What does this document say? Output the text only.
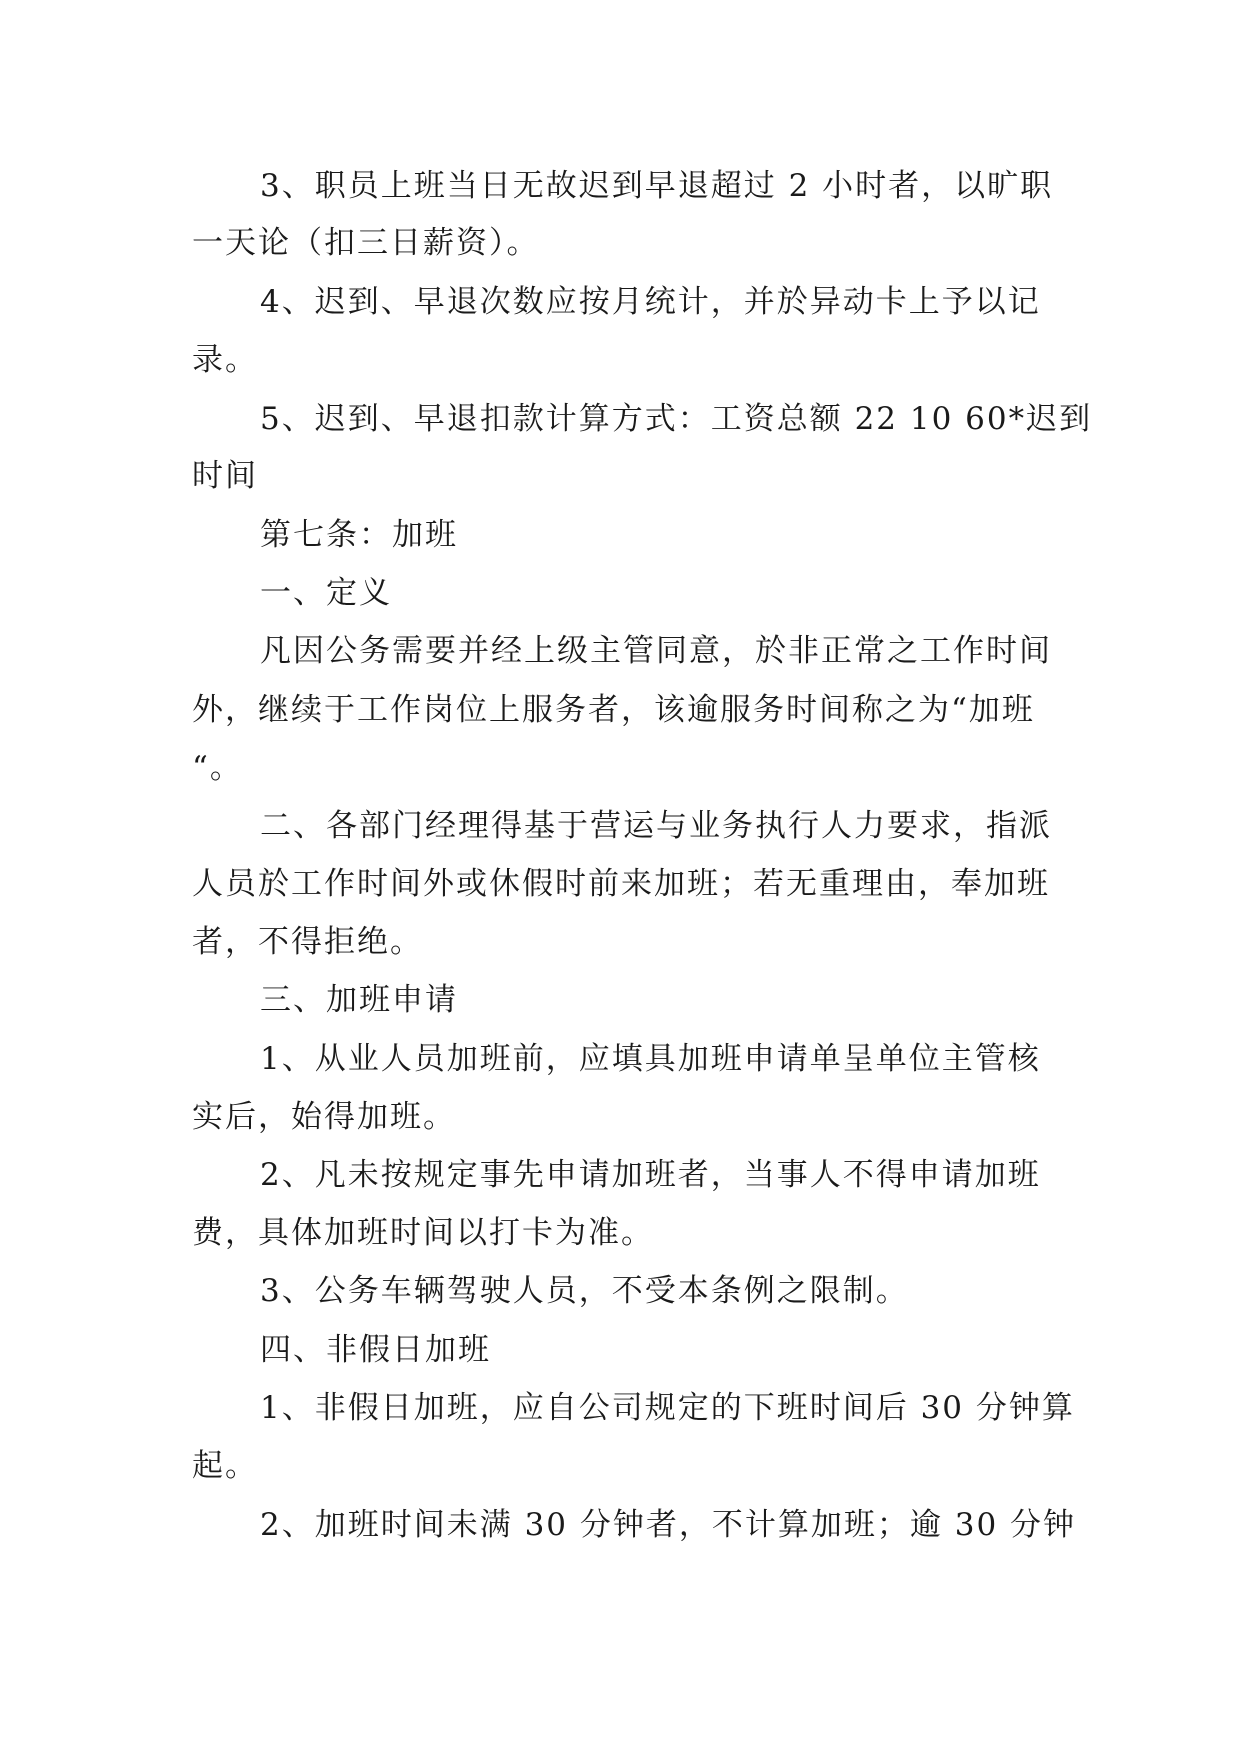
3、职员上班当日无故迟到早退超过 2 小时者，以旷职
一天论（扣三日薪资）。
4、迟到、早退次数应按月统计，并於异动卡上予以记
录。
5、迟到、早退扣款计算方式：工资总额 22 10 60*迟到
时间
第七条：加班
一、定义
凡因公务需要并经上级主管同意，於非正常之工作时间
外，继续于工作岗位上服务者，该逾服务时间称之为“加班
“。
二、各部门经理得基于营运与业务执行人力要求，指派
人员於工作时间外或休假时前来加班；若无重理由，奉加班
者，不得拒绝。
三、加班申请
1、从业人员加班前，应填具加班申请单呈单位主管核
实后，始得加班。
2、凡未按规定事先申请加班者，当事人不得申请加班
费，具体加班时间以打卡为准。
3、公务车辆驾驶人员，不受本条例之限制。
四、非假日加班
1、非假日加班，应自公司规定的下班时间后 30 分钟算
起。
2、加班时间未满 30 分钟者，不计算加班；逾 30 分钟
